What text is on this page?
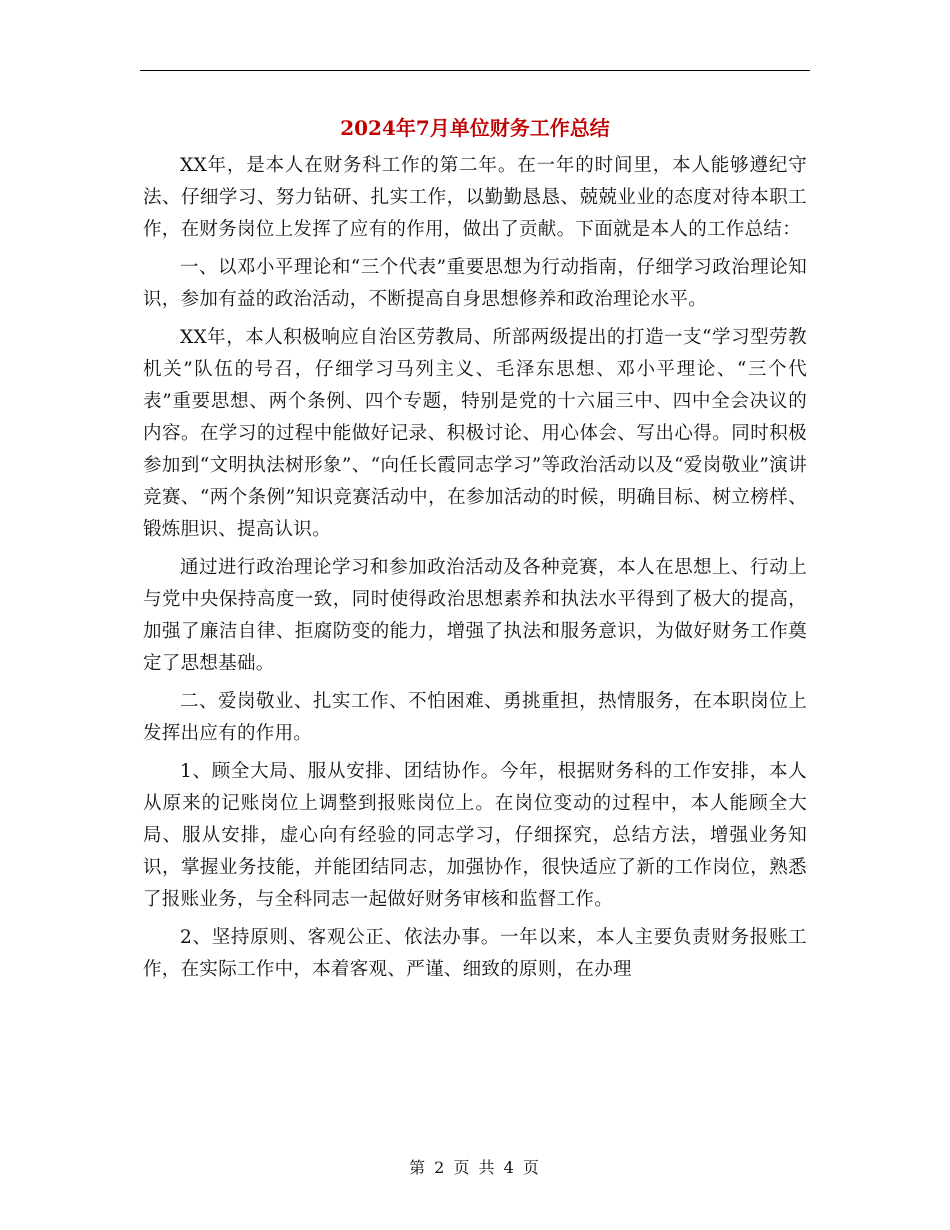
2024年7月单位财务工作总结

XX年，是本人在财务科工作的第二年。在一年的时间里，本人能够遵纪守法、仔细学习、努力钻研、扎实工作，以勤勤恳恳、兢兢业业的态度对待本职工作，在财务岗位上发挥了应有的作用，做出了贡献。下面就是本人的工作总结：

一、以邓小平理论和“三个代表”重要思想为行动指南，仔细学习政治理论知识，参加有益的政治活动，不断提高自身思想修养和政治理论水平。

XX年，本人积极响应自治区劳教局、所部两级提出的打造一支“学习型劳教机关”队伍的号召，仔细学习马列主义、毛泽东思想、邓小平理论、“三个代表”重要思想、两个条例、四个专题，特别是党的十六届三中、四中全会决议的内容。在学习的过程中能做好记录、积极讨论、用心体会、写出心得。同时积极参加到“文明执法树形象”、“向任长霞同志学习”等政治活动以及“爱岗敬业”演讲竞赛、“两个条例”知识竞赛活动中，在参加活动的时候，明确目标、树立榜样、锻炼胆识、提高认识。

通过进行政治理论学习和参加政治活动及各种竞赛，本人在思想上、行动上与党中央保持高度一致，同时使得政治思想素养和执法水平得到了极大的提高，加强了廉洁自律、拒腐防变的能力，增强了执法和服务意识，为做好财务工作奠定了思想基础。

二、爱岗敬业、扎实工作、不怕困难、勇挑重担，热情服务，在本职岗位上发挥出应有的作用。

1、顾全大局、服从安排、团结协作。今年，根据财务科的工作安排，本人从原来的记账岗位上调整到报账岗位上。在岗位变动的过程中，本人能顾全大局、服从安排，虚心向有经验的同志学习，仔细探究，总结方法，增强业务知识，掌握业务技能，并能团结同志，加强协作，很快适应了新的工作岗位，熟悉了报账业务，与全科同志一起做好财务审核和监督工作。

2、坚持原则、客观公正、依法办事。一年以来，本人主要负责财务报账工作，在实际工作中，本着客观、严谨、细致的原则，在办理

第 2 页 共 4 页
